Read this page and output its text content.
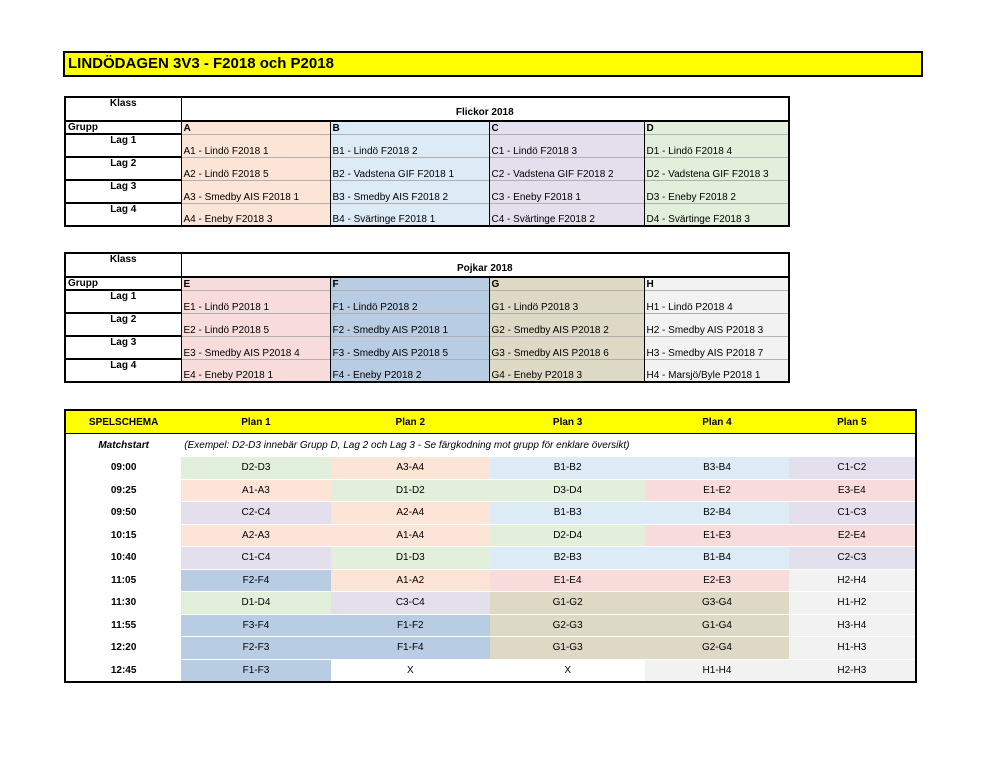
LINDÖDAGEN 3V3 - F2018 och P2018
Klass	Flickor 2018			
Grupp	A	B	C	D
Lag 1	A1 - Lindö F2018 1	B1 - Lindö F2018 2	C1 - Lindö F2018 3	D1 - Lindö F2018 4
Lag 2	A2 - Lindö F2018 5	B2 - Vadstena GIF F2018 1	C2 - Vadstena GIF F2018 2	D2 - Vadstena GIF F2018 3
Lag 3	A3 - Smedby AIS F2018 1	B3 - Smedby AIS F2018 2	C3 - Eneby F2018 1	D3 - Eneby F2018 2
Lag 4	A4 - Eneby F2018 3	B4 - Svärtinge F2018 1	C4 - Svärtinge F2018 2	D4 - Svärtinge F2018 3
Klass	Pojkar 2018			
Grupp	E	F	G	H
Lag 1	E1 - Lindö P2018 1	F1 - Lindö P2018 2	G1 - Lindö P2018 3	H1 - Lindö P2018 4
Lag 2	E2 - Lindö P2018 5	F2 - Smedby AIS P2018 1	G2 - Smedby AIS P2018 2	H2 - Smedby AIS P2018 3
Lag 3	E3 - Smedby AIS P2018 4	F3 - Smedby AIS P2018 5	G3 - Smedby AIS P2018 6	H3 - Smedby AIS P2018 7
Lag 4	E4 - Eneby P2018 1	F4 - Eneby P2018 2	G4 - Eneby P2018 3	H4 - Marsjö/Byle P2018 1
SPELSCHEMA	Plan 1	Plan 2	Plan 3	Plan 4	Plan 5
Matchstart	(Exempel: D2-D3 innebär Grupp D, Lag 2 och Lag 3 - Se färgkodning mot grupp för enklare översikt)				
09:00	D2-D3	A3-A4	B1-B2	B3-B4	C1-C2
09:25	A1-A3	D1-D2	D3-D4	E1-E2	E3-E4
09:50	C2-C4	A2-A4	B1-B3	B2-B4	C1-C3
10:15	A2-A3	A1-A4	D2-D4	E1-E3	E2-E4
10:40	C1-C4	D1-D3	B2-B3	B1-B4	C2-C3
11:05	F2-F4	A1-A2	E1-E4	E2-E3	H2-H4
11:30	D1-D4	C3-C4	G1-G2	G3-G4	H1-H2
11:55	F3-F4	F1-F2	G2-G3	G1-G4	H3-H4
12:20	F2-F3	F1-F4	G1-G3	G2-G4	H1-H3
12:45	F1-F3	X	X	H1-H4	H2-H3
